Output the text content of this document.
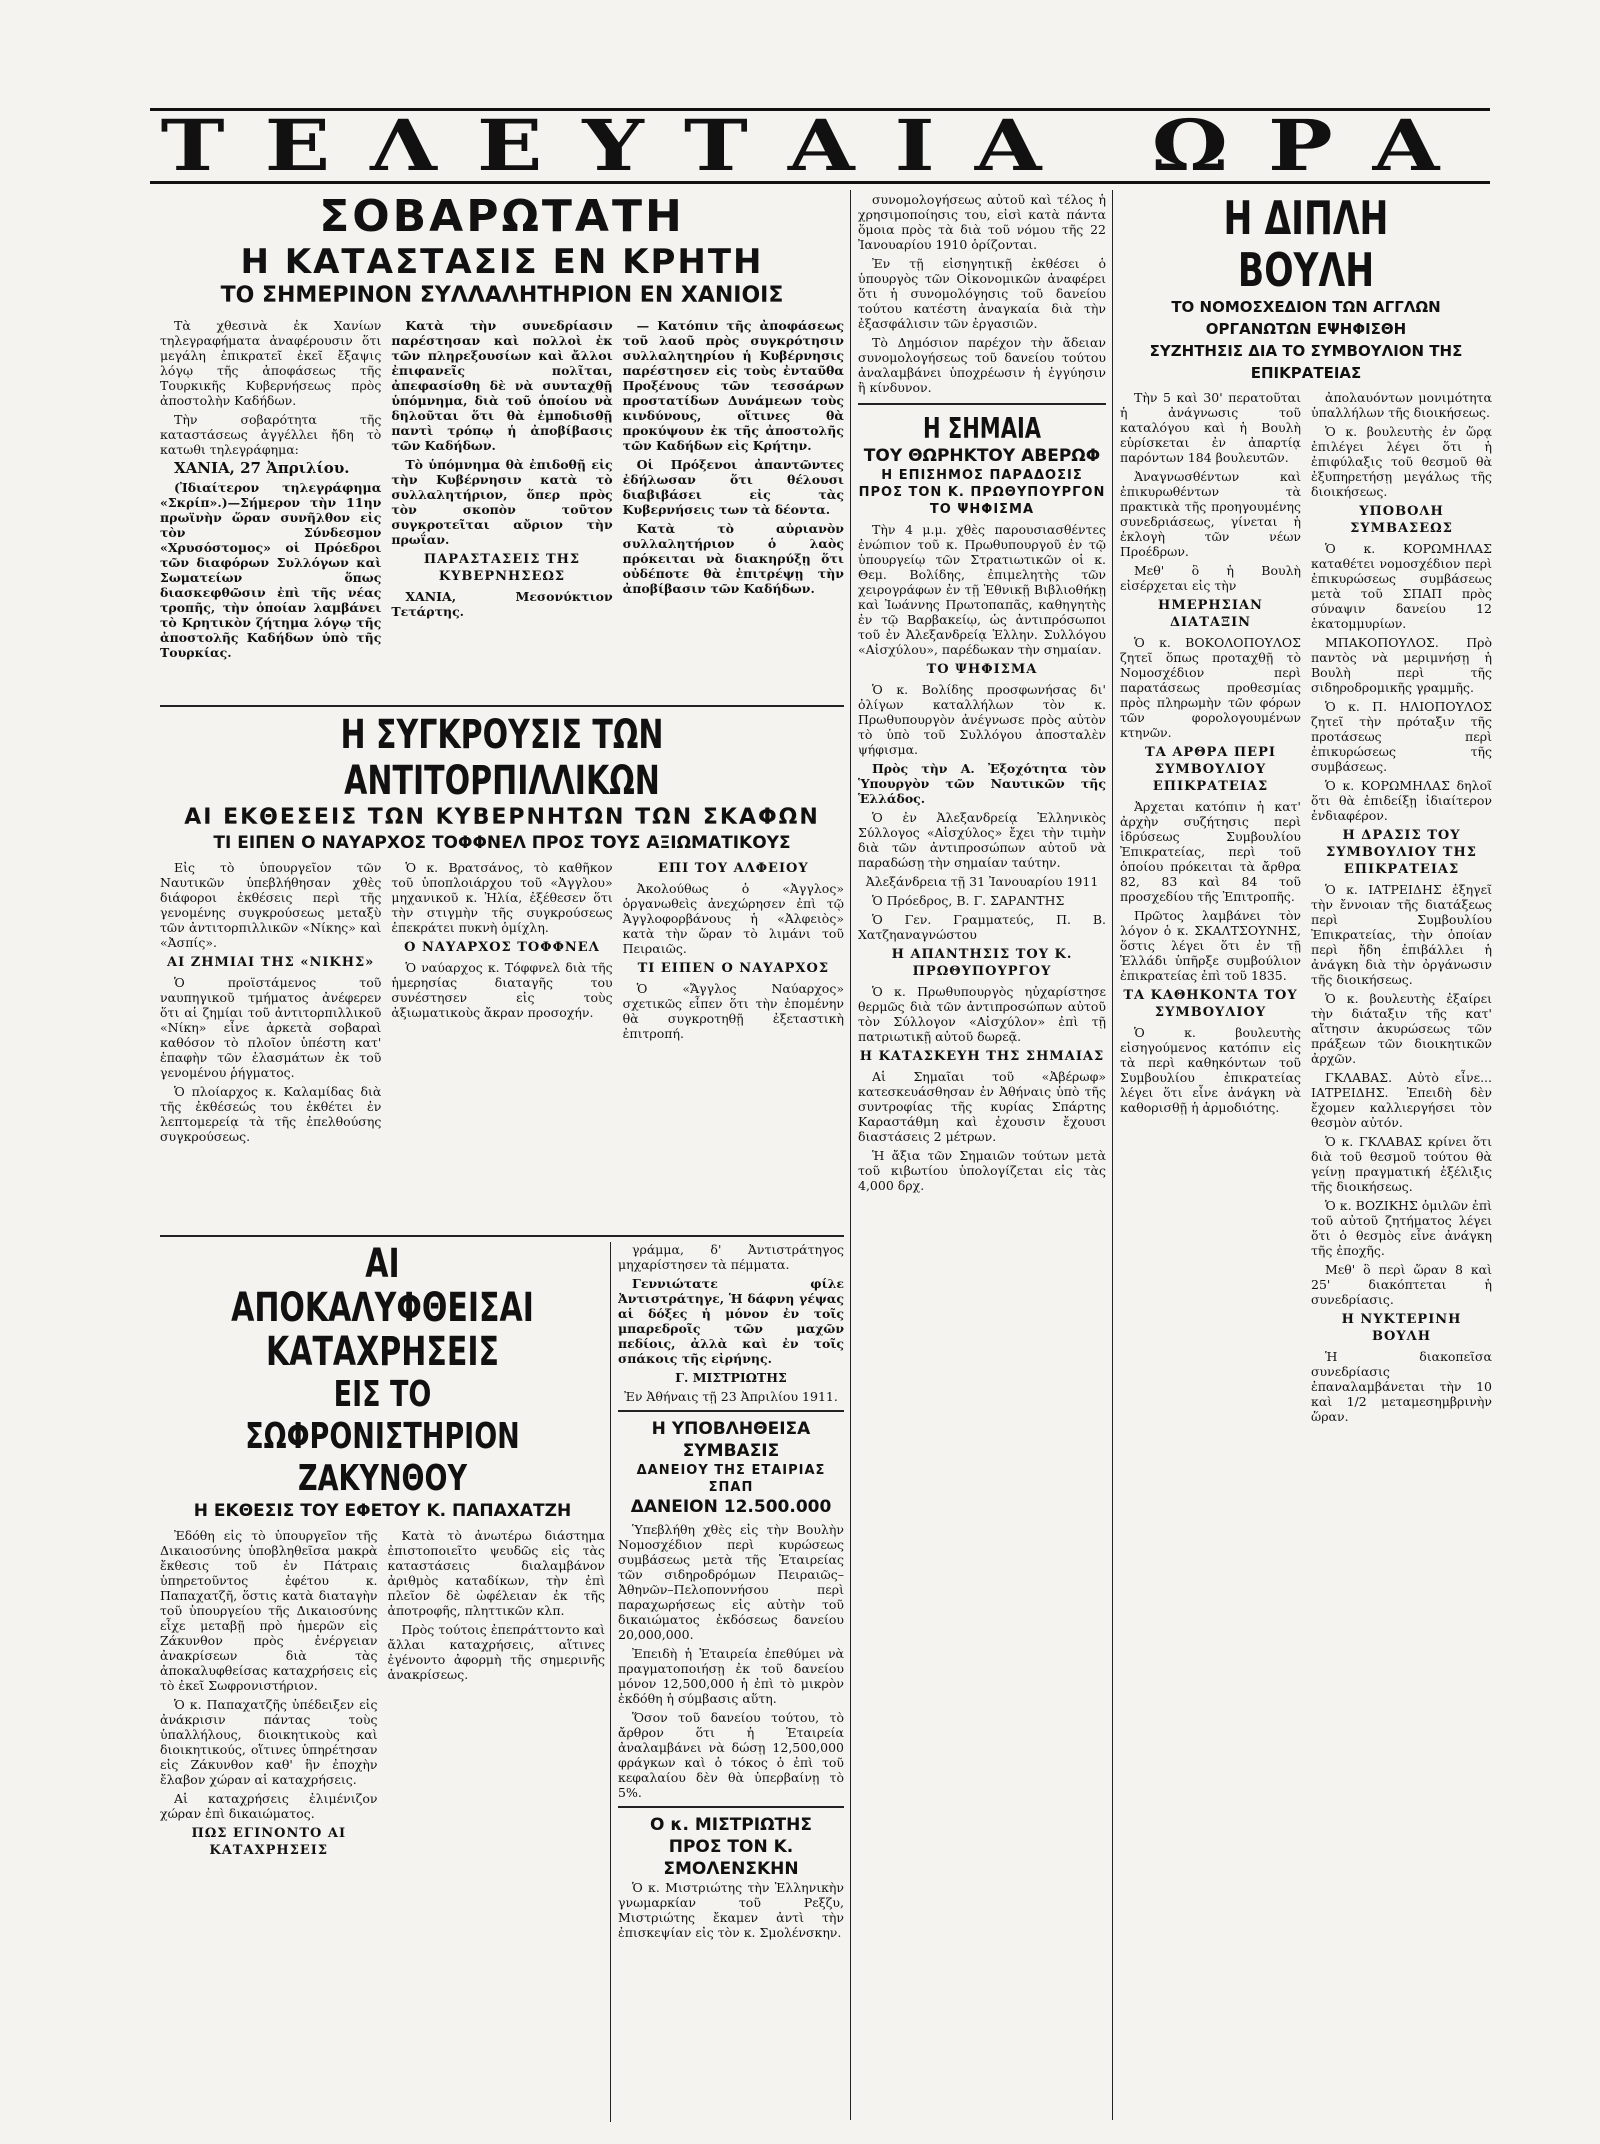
ΤΕΛΕΥΤΑΙΑ ΩΡΑ
ΣΟΒΑΡΩΤΑΤΗ
Η ΚΑΤΑΣΤΑΣΙΣ ΕΝ ΚΡΗΤΗ
ΤΟ ΣΗΜΕΡΙΝΟΝ ΣΥΛΛΑΛΗΤΗΡΙΟΝ ΕΝ ΧΑΝΙΟΙΣ

Τὰ χθεσινὰ ἐκ Χανίων τηλεγραφήματα ἀναφέρουσιν ὅτι μεγάλη ἐπικρατεῖ ἐκεῖ ἔξαψις λόγῳ τῆς ἀποφάσεως τῆς Τουρκικῆς Κυβερνήσεως πρὸς ἀποστολὴν Καδήδων.

Τὴν σοβαρότητα τῆς καταστάσεως ἀγγέλλει ἤδη τὸ κατωθι τηλεγράφημα:

ΧΑΝΙΑ, 27 Ἀπριλίου.

(Ἰδιαίτερον τηλεγράφημα «Σκρίπ».)—Σήμερον τὴν 11ην πρωϊνὴν ὥραν συνῆλθον εἰς τὸν Σύνδεσμον «Χρυσόστομος» οἱ Πρόεδροι τῶν διαφόρων Συλλόγων καὶ Σωματείων ὅπως διασκεφθῶσιν ἐπὶ τῆς νέας τροπῆς, τὴν ὁποίαν λαμβάνει τὸ Κρητικὸν ζήτημα λόγῳ τῆς ἀποστολῆς Καδήδων ὑπὸ τῆς Τουρκίας.

Κατὰ τὴν συνεδρίασιν παρέστησαν καὶ πολλοὶ ἐκ τῶν πληρεξουσίων καὶ ἄλλοι ἐπιφανεῖς πολῖται, ἀπεφασίσθη δὲ νὰ συνταχθῇ ὑπόμνημα, διὰ τοῦ ὁποίου νὰ δηλοῦται ὅτι θὰ ἐμποδισθῇ παντὶ τρόπῳ ἡ ἀποβίβασις τῶν Καδήδων.

Τὸ ὑπόμνημα θὰ ἐπιδοθῇ εἰς τὴν Κυβέρνησιν κατὰ τὸ συλλαλητήριον, ὅπερ πρὸς τὸν σκοπὸν τοῦτον συγκροτεῖται αὔριον τὴν πρωΐαν.

ΠΑΡΑΣΤΑΣΕΙΣ ΤΗΣ ΚΥΒΕΡΝΗΣΕΩΣ

ΧΑΝΙΑ, Μεσονύκτιον Τετάρτης.

— Κατόπιν τῆς ἀποφάσεως τοῦ λαοῦ πρὸς συγκρότησιν συλλαλητηρίου ἡ Κυβέρνησις παρέστησεν εἰς τοὺς ἐνταῦθα Προξένους τῶν τεσσάρων προστατίδων Δυνάμεων τοὺς κινδύνους, οἵτινες θὰ προκύψουν ἐκ τῆς ἀποστολῆς τῶν Καδήδων εἰς Κρήτην.

Οἱ Πρόξενοι ἀπαντῶντες ἐδήλωσαν ὅτι θέλουσι διαβιβάσει εἰς τὰς Κυβερνήσεις των τὰ δέοντα.

Κατὰ τὸ αὐριανὸν συλλαλητήριον ὁ λαὸς πρόκειται νὰ διακηρύξῃ ὅτι οὐδέποτε θὰ ἐπιτρέψῃ τὴν ἀποβίβασιν τῶν Καδήδων.

Η ΣΥΓΚΡΟΥΣΙΣ ΤΩΝ ΑΝΤΙΤΟΡΠΙΛΛΙΚΩΝ
ΑΙ ΕΚΘΕΣΕΙΣ ΤΩΝ ΚΥΒΕΡΝΗΤΩΝ ΤΩΝ ΣΚΑΦΩΝ
ΤΙ ΕΙΠΕΝ Ο ΝΑΥΑΡΧΟΣ ΤΟΦΦΝΕΛ ΠΡΟΣ ΤΟΥΣ ΑΞΙΩΜΑΤΙΚΟΥΣ

Εἰς τὸ ὑπουργεῖον τῶν Ναυτικῶν ὑπεβλήθησαν χθὲς διάφοροι ἐκθέσεις περὶ τῆς γενομένης συγκρούσεως μεταξὺ τῶν ἀντιτορπιλλικῶν «Νίκης» καὶ «Ἀσπίς».

ΑΙ ΖΗΜΙΑΙ ΤΗΣ «ΝΙΚΗΣ»

Ὁ προϊστάμενος τοῦ ναυπηγικοῦ τμήματος ἀνέφερεν ὅτι αἱ ζημίαι τοῦ ἀντιτορπιλλικοῦ «Νίκη» εἶνε ἀρκετὰ σοβαραὶ καθόσον τὸ πλοῖον ὑπέστη κατ' ἐπαφὴν τῶν ἐλασμάτων ἐκ τοῦ γενομένου ῥήγματος.

Ὁ πλοίαρχος κ. Καλαμίδας διὰ τῆς ἐκθέσεώς του ἐκθέτει ἐν λεπτομερείᾳ τὰ τῆς ἐπελθούσης συγκρούσεως.

Ὁ κ. Βρατσάνος, τὸ καθῆκον τοῦ ὑποπλοιάρχου τοῦ «Ἀγγλου» μηχανικοῦ κ. Ἠλία, ἐξέθεσεν ὅτι τὴν στιγμὴν τῆς συγκρούσεως ἐπεκράτει πυκνὴ ὁμίχλη.

Ο ΝΑΥΑΡΧΟΣ ΤΟΦΦΝΕΛ

Ὁ ναύαρχος κ. Τόφφνελ διὰ τῆς ἡμερησίας διαταγῆς του συνέστησεν εἰς τοὺς ἀξιωματικοὺς ἄκραν προσοχήν.

ΕΠΙ ΤΟΥ ΑΛΦΕΙΟΥ

Ἀκολούθως ὁ «Ἀγγλος» ὁργανωθεὶς ἀνεχώρησεν ἐπὶ τῷ Ἀγγλοφορβάνους ἡ «Ἀλφειὸς» κατὰ τὴν ὥραν τὸ λιμάνι τοῦ Πειραιῶς.

ΤΙ ΕΙΠΕΝ Ο ΝΑΥΑΡΧΟΣ

Ὁ «Ἄγγλος Ναύαρχος» σχετικῶς εἶπεν ὅτι τὴν ἐπομένην θὰ συγκροτηθῇ ἐξεταστικὴ ἐπιτροπή.

ΑΙ ΑΠΟΚΑΛΥΦΘΕΙΣΑΙ ΚΑΤΑΧΡΗΣΕΙΣ
ΕΙΣ ΤΟ ΣΩΦΡΟΝΙΣΤΗΡΙΟΝ ΖΑΚΥΝΘΟΥ
Η ΕΚΘΕΣΙΣ ΤΟΥ ΕΦΕΤΟΥ Κ. ΠΑΠΑΧΑΤΖΗ

Ἐδόθη εἰς τὸ ὑπουργεῖον τῆς Δικαιοσύνης ὑποβληθεῖσα μακρὰ ἔκθεσις τοῦ ἐν Πάτραις ὑπηρετοῦντος ἐφέτου κ. Παπαχατζῆ, ὅστις κατὰ διαταγὴν τοῦ ὑπουργείου τῆς Δικαιοσύνης εἶχε μεταβῇ πρὸ ἡμερῶν εἰς Ζάκυνθον πρὸς ἐνέργειαν ἀνακρίσεων διὰ τὰς ἀποκαλυφθείσας καταχρήσεις εἰς τὸ ἐκεῖ Σωφρονιστήριον.

Ὁ κ. Παπαχατζῆς ὑπέδειξεν εἰς ἀνάκρισιν πάντας τοὺς ὑπαλλήλους, διοικητικοὺς καὶ διοικητικούς, οἵτινες ὑπηρέτησαν εἰς Ζάκυνθον καθ' ἣν ἐποχὴν ἔλαβον χώραν αἱ καταχρήσεις.

Αἱ καταχρήσεις ἐλιμένιζον χώραν ἐπὶ δικαιώματος.

ΠΩΣ ΕΓΙΝΟΝΤΟ ΑΙ ΚΑΤΑΧΡΗΣΕΙΣ

Κατὰ τὸ ἀνωτέρω διάστημα ἐπιστοποιεῖτο ψευδῶς εἰς τὰς καταστάσεις διαλαμβάνον ἀριθμὸς καταδίκων, τὴν ἐπὶ πλεῖον δὲ ὠφέλειαν ἐκ τῆς ἀποτροφῆς, πληττικῶν κλπ.

Πρὸς τούτοις ἐπεπράττοντο καὶ ἄλλαι καταχρήσεις, αἵτινες ἐγένοντο ἀφορμὴ τῆς σημερινῆς ἀνακρίσεως.

γράμμα, δ' Ἀντιστράτηγος μηχαρίστησεν τὰ πέμματα.

Γεννιώτατε φίλε Ἀντιστράτηγε, Ἡ δάφνη γέψας αἱ δόξες ἡ μόνον ἐν τοῖς μπαρεδροῖς τῶν μαχῶν πεδίοις, ἀλλὰ καὶ ἐν τοῖς σπάκοις τῆς εἰρήνης.

Γ. ΜΙΣΤΡΙΩΤΗΣ

Ἐν Ἀθήναις τῇ 23 Ἀπριλίου 1911.

Η ΥΠΟΒΛΗΘΕΙΣΑ ΣΥΜΒΑΣΙΣ
ΔΑΝΕΙΟΥ ΤΗΣ ΕΤΑΙΡΙΑΣ ΣΠΑΠ
ΔΑΝΕΙΟΝ 12.500.000

Ὑπεβλήθη χθὲς εἰς τὴν Βουλὴν Νομοσχέδιον περὶ κυρώσεως συμβάσεως μετὰ τῆς Ἑταιρείας τῶν σιδηροδρόμων Πειραιῶς–Ἀθηνῶν–Πελοποννήσου περὶ παραχωρήσεως εἰς αὐτὴν τοῦ δικαιώματος ἐκδόσεως δανείου 20,000,000.

Ἐπειδὴ ἡ Ἑταιρεία ἐπεθύμει νὰ πραγματοποιήσῃ ἐκ τοῦ δανείου μόνον 12,500,000 ἡ ἐπὶ τὸ μικρὸν ἐκδόθη ἡ σύμβασις αὕτη.

Ὅσον τοῦ δανείου τούτου, τὸ ἄρθρον ὅτι ἡ Ἑταιρεία ἀναλαμβάνει νὰ δώσῃ 12,500,000 φράγκων καὶ ὁ τόκος ὁ ἐπὶ τοῦ κεφαλαίου δὲν θὰ ὑπερβαίνῃ τὸ 5%.

Ο κ. ΜΙΣΤΡΙΩΤΗΣ
ΠΡΟΣ ΤΟΝ Κ. ΣΜΟΛΕΝΣΚΗΝ

Ὁ κ. Μιστριώτης τὴν Ἑλληνικὴν γνωμαρκίαν τοῦ Ρεξζυ, Μιστριώτης ἔκαμεν ἀντὶ τὴν ἐπισκεψίαν εἰς τὸν κ. Σμολένσκην.

συνομολογήσεως αὐτοῦ καὶ τέλος ἡ χρησιμοποίησις του, εἰσὶ κατὰ πάντα ὅμοια πρὸς τὰ διὰ τοῦ νόμου τῆς 22 Ἰανουαρίου 1910 ὁρίζονται.

Ἐν τῇ εἰσηγητικῇ ἐκθέσει ὁ ὑπουργὸς τῶν Οἰκονομικῶν ἀναφέρει ὅτι ἡ συνομολόγησις τοῦ δανείου τούτου κατέστη ἀναγκαία διὰ τὴν ἐξασφάλισιν τῶν ἐργασιῶν.

Τὸ Δημόσιον παρέχον τὴν ἄδειαν συνομολογήσεως τοῦ δανείου τούτου ἀναλαμβάνει ὑποχρέωσιν ἡ ἐγγύησιν ἢ κίνδυνον.

Η ΣΗΜΑΙΑ
ΤΟΥ ΘΩΡΗΚΤΟΥ ΑΒΕΡΩΦ
Η ΕΠΙΣΗΜΟΣ ΠΑΡΑΔΟΣΙΣ
ΠΡΟΣ ΤΟΝ Κ. ΠΡΩΘΥΠΟΥΡΓΟΝ
ΤΟ ΨΗΦΙΣΜΑ

Τὴν 4 μ.μ. χθὲς παρουσιασθέντες ἐνώπιον τοῦ κ. Πρωθυπουργοῦ ἐν τῷ ὑπουργείῳ τῶν Στρατιωτικῶν οἱ κ. Θεμ. Βολίδης, ἐπιμελητὴς τῶν χειρογράφων ἐν τῇ Ἐθνικῇ Βιβλιοθήκῃ καὶ Ἰωάννης Πρωτοπαπᾶς, καθηγητὴς ἐν τῷ Βαρβακείῳ, ὡς ἀντιπρόσωποι τοῦ ἐν Ἀλεξανδρείᾳ Ἑλλην. Συλλόγου «Αἰσχύλου», παρέδωκαν τὴν σημαίαν.

ΤΟ ΨΗΦΙΣΜΑ

Ὁ κ. Βολίδης προσφωνήσας δι' ὀλίγων καταλλήλων τὸν κ. Πρωθυπουργὸν ἀνέγνωσε πρὸς αὐτὸν τὸ ὑπὸ τοῦ Συλλόγου ἀποσταλὲν ψήφισμα.

Πρὸς τὴν Α. Ἐξοχότητα τὸν Ὑπουργὸν τῶν Ναυτικῶν τῆς Ἑλλάδος.

Ὁ ἐν Ἀλεξανδρείᾳ Ἑλληνικὸς Σύλλογος «Αἰσχύλος» ἔχει τὴν τιμὴν διὰ τῶν ἀντιπροσώπων αὐτοῦ νὰ παραδώσῃ τὴν σημαίαν ταύτην.

Ἀλεξάνδρεια τῇ 31 Ἰανουαρίου 1911

Ὁ Πρόεδρος, Β. Γ. ΣΑΡΑΝΤΗΣ

Ὁ Γεν. Γραμματεύς, Π. Β. Χατζηαναγνώστου

Η ΑΠΑΝΤΗΣΙΣ ΤΟΥ Κ. ΠΡΩΘΥΠΟΥΡΓΟΥ

Ὁ κ. Πρωθυπουργὸς ηὐχαρίστησε θερμῶς διὰ τῶν ἀντιπροσώπων αὐτοῦ τὸν Σύλλογον «Αἰσχύλον» ἐπὶ τῇ πατριωτικῇ αὐτοῦ δωρεᾷ.

Η ΚΑΤΑΣΚΕΥΗ ΤΗΣ ΣΗΜΑΙΑΣ

Αἱ Σημαῖαι τοῦ «Ἀβέρωφ» κατεσκευάσθησαν ἐν Ἀθήναις ὑπὸ τῆς συντροφίας τῆς κυρίας Σπάρτης Καραστάθμη καὶ ἐχουσιν ἔχουσι διαστάσεις 2 μέτρων.

Ἡ ἄξια τῶν Σημαιῶν τούτων μετὰ τοῦ κιβωτίου ὑπολογίζεται εἰς τὰς 4,000 δρχ.

Η ΔΙΠΛΗ ΒΟΥΛΗ
ΤΟ ΝΟΜΟΣΧΕΔΙΟΝ ΤΩΝ ΑΓΓΛΩΝ ΟΡΓΑΝΩΤΩΝ ΕΨΗΦΙΣΘΗ
ΣΥΖΗΤΗΣΙΣ ΔΙΑ ΤΟ ΣΥΜΒΟΥΛΙΟΝ ΤΗΣ ΕΠΙΚΡΑΤΕΙΑΣ

Τὴν 5 καὶ 30' περατοῦται ἡ ἀνάγνωσις τοῦ καταλόγου καὶ ἡ Βουλὴ εὑρίσκεται ἐν ἀπαρτίᾳ παρόντων 184 βουλευτῶν.

Ἀναγνωσθέντων καὶ ἐπικυρωθέντων τὰ πρακτικὰ τῆς προηγουμένης συνεδριάσεως, γίνεται ἡ ἐκλογὴ τῶν νέων Προέδρων.

Μεθ' ὃ ἡ Βουλὴ εἰσέρχεται εἰς τὴν

ΗΜΕΡΗΣΙΑΝ ΔΙΑΤΑΞΙΝ

Ὁ κ. ΒΟΚΟΛΟΠΟΥΛΟΣ ζητεῖ ὅπως προταχθῇ τὸ Νομοσχέδιον περὶ παρατάσεως προθεσμίας πρὸς πληρωμὴν τῶν φόρων τῶν φορολογουμένων κτηνῶν.

ΤΑ ΑΡΘΡΑ ΠΕΡΙ ΣΥΜΒΟΥΛΙΟΥ ΕΠΙΚΡΑΤΕΙΑΣ

Ἀρχεται κατόπιν ἡ κατ' ἀρχὴν συζήτησις περὶ ἱδρύσεως Συμβουλίου Ἐπικρατείας, περὶ τοῦ ὁποίου πρόκειται τὰ ἄρθρα 82, 83 καὶ 84 τοῦ προσχεδίου τῆς Ἐπιτροπῆς.

Πρῶτος λαμβάνει τὸν λόγον ὁ κ. ΣΚΑΛΤΣΟΥΝΗΣ, ὅστις λέγει ὅτι ἐν τῇ Ἑλλάδι ὑπῆρξε συμβούλιον ἐπικρατείας ἐπὶ τοῦ 1835.

ΤΑ ΚΑΘΗΚΟΝΤΑ ΤΟΥ ΣΥΜΒΟΥΛΙΟΥ

Ὁ κ. βουλευτὴς εἰσηγούμενος κατόπιν εἰς τὰ περὶ καθηκόντων τοῦ Συμβουλίου ἐπικρατείας λέγει ὅτι εἶνε ἀνάγκη νὰ καθορισθῇ ἡ ἁρμοδιότης.

ἀπολαυόντων μονιμότητα ὑπαλλήλων τῆς διοικήσεως.

Ὁ κ. βουλευτὴς ἐν ὥρᾳ ἐπιλέγει λέγει ὅτι ἡ ἐπιφύλαξις τοῦ θεσμοῦ θὰ ἐξυπηρετήσῃ μεγάλως τῆς διοικήσεως.

ΥΠΟΒΟΛΗ ΣΥΜΒΑΣΕΩΣ

Ὁ κ. ΚΟΡΩΜΗΛΑΣ καταθέτει νομοσχέδιον περὶ ἐπικυρώσεως συμβάσεως μετὰ τοῦ ΣΠΑΠ πρὸς σύναψιν δανείου 12 ἑκατομμυρίων.

ΜΠΑΚΟΠΟΥΛΟΣ. Πρὸ παντὸς νὰ μεριμνήσῃ ἡ Βουλὴ περὶ τῆς σιδηροδρομικῆς γραμμῆς.

Ὁ κ. Π. ΗΛΙΟΠΟΥΛΟΣ ζητεῖ τὴν πρόταξιν τῆς προτάσεως περὶ ἐπικυρώσεως τῆς συμβάσεως.

Ὁ κ. ΚΟΡΩΜΗΛΑΣ δηλοῖ ὅτι θὰ ἐπιδείξῃ ἰδιαίτερον ἐνδιαφέρον.

Η ΔΡΑΣΙΣ ΤΟΥ ΣΥΜΒΟΥΛΙΟΥ ΤΗΣ ΕΠΙΚΡΑΤΕΙΑΣ

Ὁ κ. ΙΑΤΡΕΙΔΗΣ ἐξηγεῖ τὴν ἔννοιαν τῆς διατάξεως περὶ Συμβουλίου Ἐπικρατείας, τὴν ὁποίαν περὶ ἤδη ἐπιβάλλει ἡ ἀνάγκη διὰ τὴν ὀργάνωσιν τῆς διοικήσεως.

Ὁ κ. βουλευτὴς ἐξαίρει τὴν διάταξιν τῆς κατ' αἴτησιν ἀκυρώσεως τῶν πράξεων τῶν διοικητικῶν ἀρχῶν.

ΓΚΛΑΒΑΣ. Αὐτὸ εἶνε... ΙΑΤΡΕΙΔΗΣ. Ἐπειδὴ δὲν ἔχομεν καλλιεργήσει τὸν θεσμὸν αὐτόν.

Ὁ κ. ΓΚΛΑΒΑΣ κρίνει ὅτι διὰ τοῦ θεσμοῦ τούτου θὰ γείνῃ πραγματική ἐξέλιξις τῆς διοικήσεως.

Ὁ κ. ΒΟΖΙΚΗΣ ὁμιλῶν ἐπὶ τοῦ αὐτοῦ ζητήματος λέγει ὅτι ὁ θεσμὸς εἶνε ἀνάγκη τῆς ἐποχῆς.

Μεθ' ὃ περὶ ὥραν 8 καὶ 25' διακόπτεται ἡ συνεδρίασις.

Η ΝΥΚΤΕΡΙΝΗ ΒΟΥΛΗ

Ἡ διακοπεῖσα συνεδρίασις ἐπαναλαμβάνεται τὴν 10 καὶ 1/2 μεταμεσημβρινὴν ὥραν.
